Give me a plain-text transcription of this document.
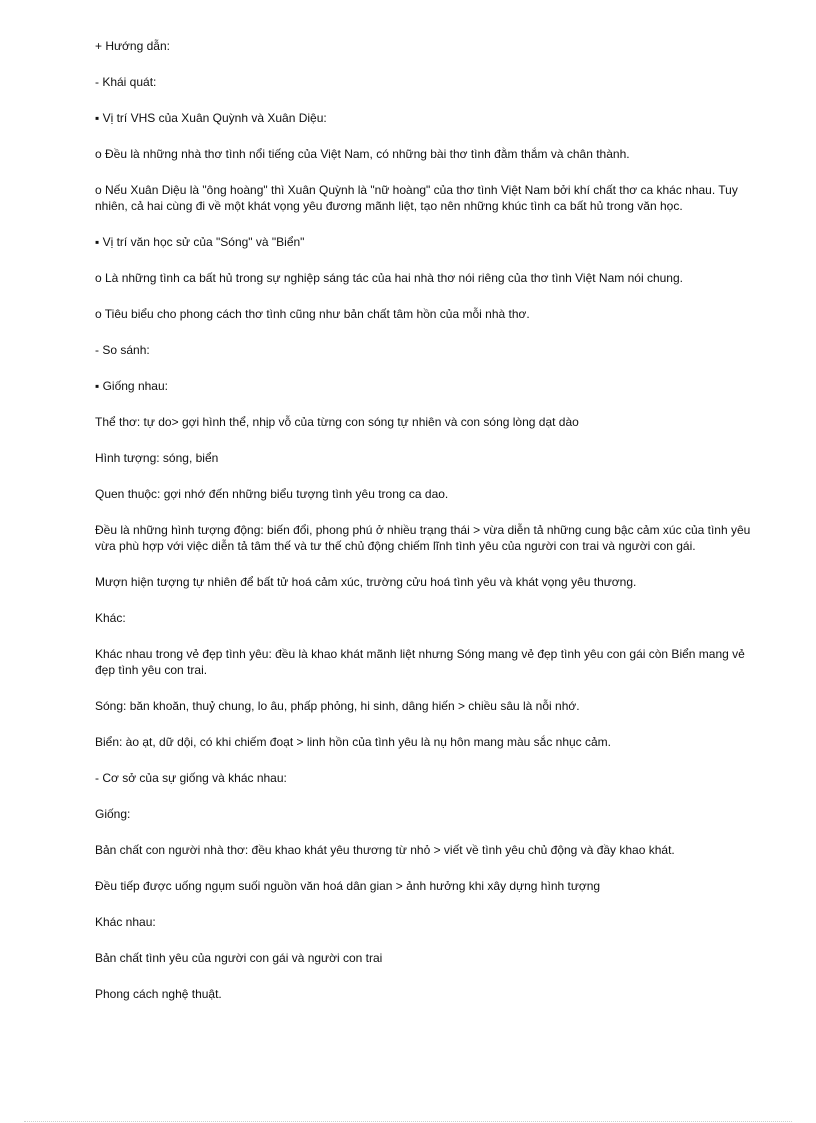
+ Hướng dẫn:

- Khái quát:

▪ Vị trí VHS của Xuân Quỳnh và Xuân Diệu:

o Đều là những nhà thơ tình nổi tiếng của Việt Nam, có những bài thơ tình đằm thắm và chân thành.

o Nếu Xuân Diệu là "ông hoàng" thì Xuân Quỳnh là "nữ hoàng" của thơ tình Việt Nam bởi khí chất thơ ca khác nhau. Tuy nhiên, cả hai cùng đi về một khát vọng yêu đương mãnh liệt, tạo nên những khúc tình ca bất hủ trong văn học.

▪ Vị trí văn học sử của "Sóng" và "Biển"

o Là những tình ca bất hủ trong sự nghiệp sáng tác của hai nhà thơ nói riêng của thơ tình Việt Nam nói chung.

o Tiêu biểu cho phong cách thơ tình cũng như bản chất tâm hồn của mỗi nhà thơ.

- So sánh:

▪ Giống nhau:

Thể thơ: tự do> gợi hình thể, nhịp vỗ của từng con sóng tự nhiên và con sóng lòng dạt dào

Hình tượng: sóng, biển

Quen thuộc: gợi nhớ đến những biểu tượng tình yêu trong ca dao.

Đều là những hình tượng động: biến đổi, phong phú ở nhiều trạng thái > vừa diễn tả những cung bậc cảm xúc của tình yêu vừa phù hợp với việc diễn tả tâm thế và tư thế chủ động chiếm lĩnh tình yêu của người con trai và người con gái.

Mượn hiện tượng tự nhiên để bất tử hoá cảm xúc, trường cửu hoá tình yêu và khát vọng yêu thương.

Khác:

Khác nhau trong vẻ đẹp tình yêu: đều là khao khát mãnh liệt nhưng Sóng mang vẻ đẹp tình yêu con gái còn Biển mang vẻ đẹp tình yêu con trai.

Sóng: băn khoăn, thuỷ chung, lo âu, phấp phỏng, hi sinh, dâng hiến > chiều sâu là nỗi nhớ.

Biển: ào ạt, dữ dội, có khi chiếm đoạt > linh hồn của tình yêu là nụ hôn mang màu sắc nhục cảm.

- Cơ sở của sự giống và khác nhau:

Giống:

Bản chất con người nhà thơ: đều khao khát yêu thương từ nhỏ > viết về tình yêu chủ động và đầy khao khát.

Đều tiếp được uống ngụm suối nguồn văn hoá dân gian > ảnh hưởng khi xây dựng hình tượng

Khác nhau:

Bản chất tình yêu của người con gái và người con trai

Phong cách nghệ thuật.
